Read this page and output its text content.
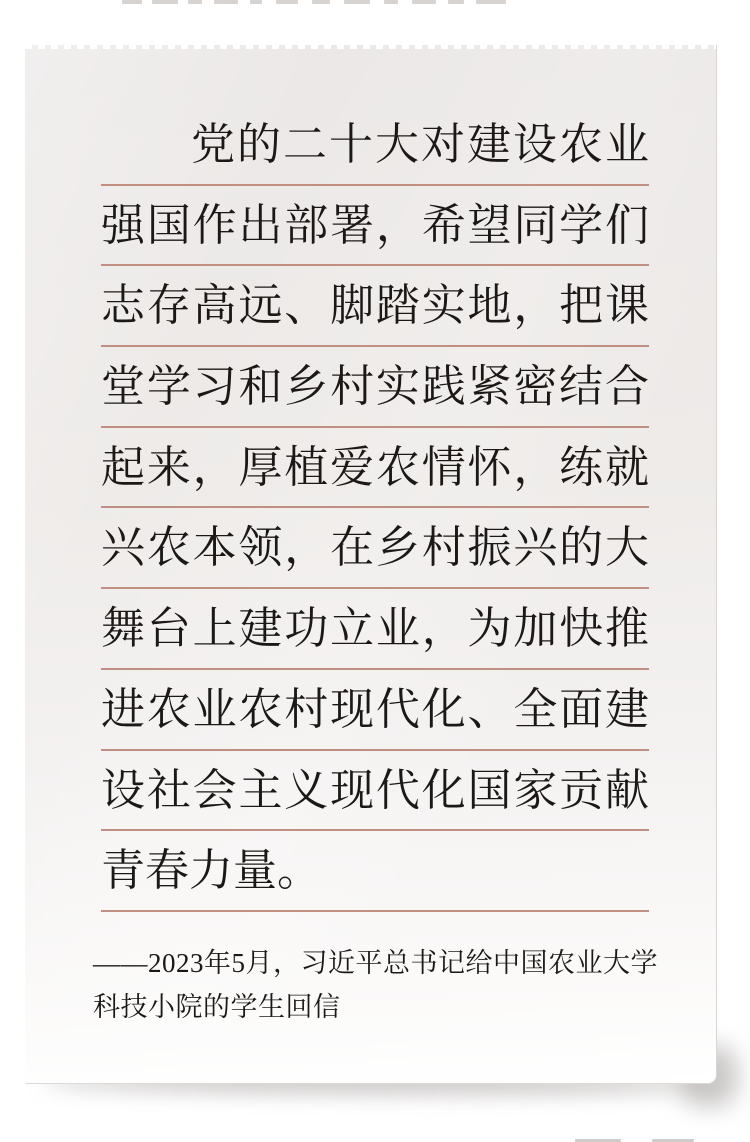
党的二十大对建设农业
强国作出部署，希望同学们
志存高远、脚踏实地，把课
堂学习和乡村实践紧密结合
起来，厚植爱农情怀，练就
兴农本领，在乡村振兴的大
舞台上建功立业，为加快推
进农业农村现代化、全面建
设社会主义现代化国家贡献
青春力量。
——2023年5月，习近平总书记给中国农业大学
科技小院的学生回信
